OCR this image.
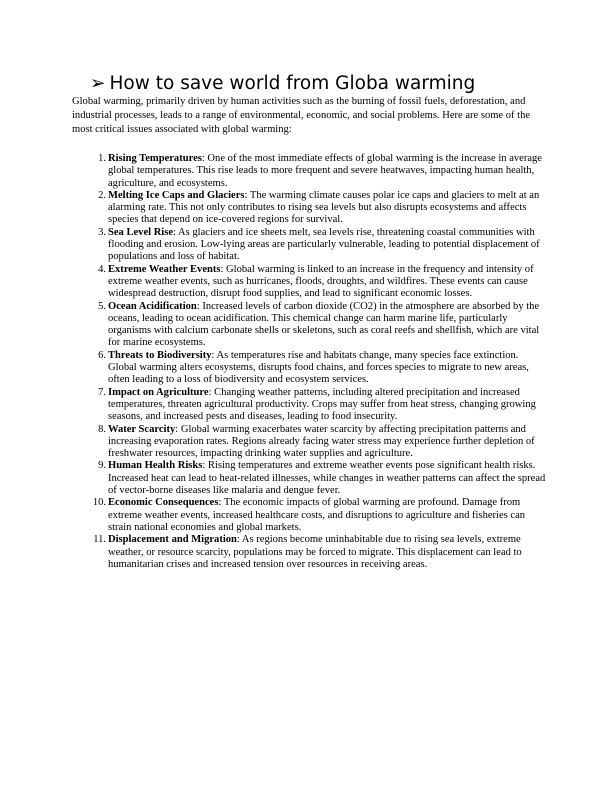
➢ How to save world from Globa warming

Global warming, primarily driven by human activities such as the burning of fossil fuels, deforestation, and industrial processes, leads to a range of environmental, economic, and social problems. Here are some of the most critical issues associated with global warming:

1. Rising Temperatures: One of the most immediate effects of global warming is the increase in average global temperatures. This rise leads to more frequent and severe heatwaves, impacting human health, agriculture, and ecosystems.
2. Melting Ice Caps and Glaciers: The warming climate causes polar ice caps and glaciers to melt at an alarming rate. This not only contributes to rising sea levels but also disrupts ecosystems and affects species that depend on ice-covered regions for survival.
3. Sea Level Rise: As glaciers and ice sheets melt, sea levels rise, threatening coastal communities with flooding and erosion. Low-lying areas are particularly vulnerable, leading to potential displacement of populations and loss of habitat.
4. Extreme Weather Events: Global warming is linked to an increase in the frequency and intensity of extreme weather events, such as hurricanes, floods, droughts, and wildfires. These events can cause widespread destruction, disrupt food supplies, and lead to significant economic losses.
5. Ocean Acidification: Increased levels of carbon dioxide (CO2) in the atmosphere are absorbed by the oceans, leading to ocean acidification. This chemical change can harm marine life, particularly organisms with calcium carbonate shells or skeletons, such as coral reefs and shellfish, which are vital for marine ecosystems.
6. Threats to Biodiversity: As temperatures rise and habitats change, many species face extinction. Global warming alters ecosystems, disrupts food chains, and forces species to migrate to new areas, often leading to a loss of biodiversity and ecosystem services.
7. Impact on Agriculture: Changing weather patterns, including altered precipitation and increased temperatures, threaten agricultural productivity. Crops may suffer from heat stress, changing growing seasons, and increased pests and diseases, leading to food insecurity.
8. Water Scarcity: Global warming exacerbates water scarcity by affecting precipitation patterns and increasing evaporation rates. Regions already facing water stress may experience further depletion of freshwater resources, impacting drinking water supplies and agriculture.
9. Human Health Risks: Rising temperatures and extreme weather events pose significant health risks. Increased heat can lead to heat-related illnesses, while changes in weather patterns can affect the spread of vector-borne diseases like malaria and dengue fever.
10. Economic Consequences: The economic impacts of global warming are profound. Damage from extreme weather events, increased healthcare costs, and disruptions to agriculture and fisheries can strain national economies and global markets.
11. Displacement and Migration: As regions become uninhabitable due to rising sea levels, extreme weather, or resource scarcity, populations may be forced to migrate. This displacement can lead to humanitarian crises and increased tension over resources in receiving areas.
